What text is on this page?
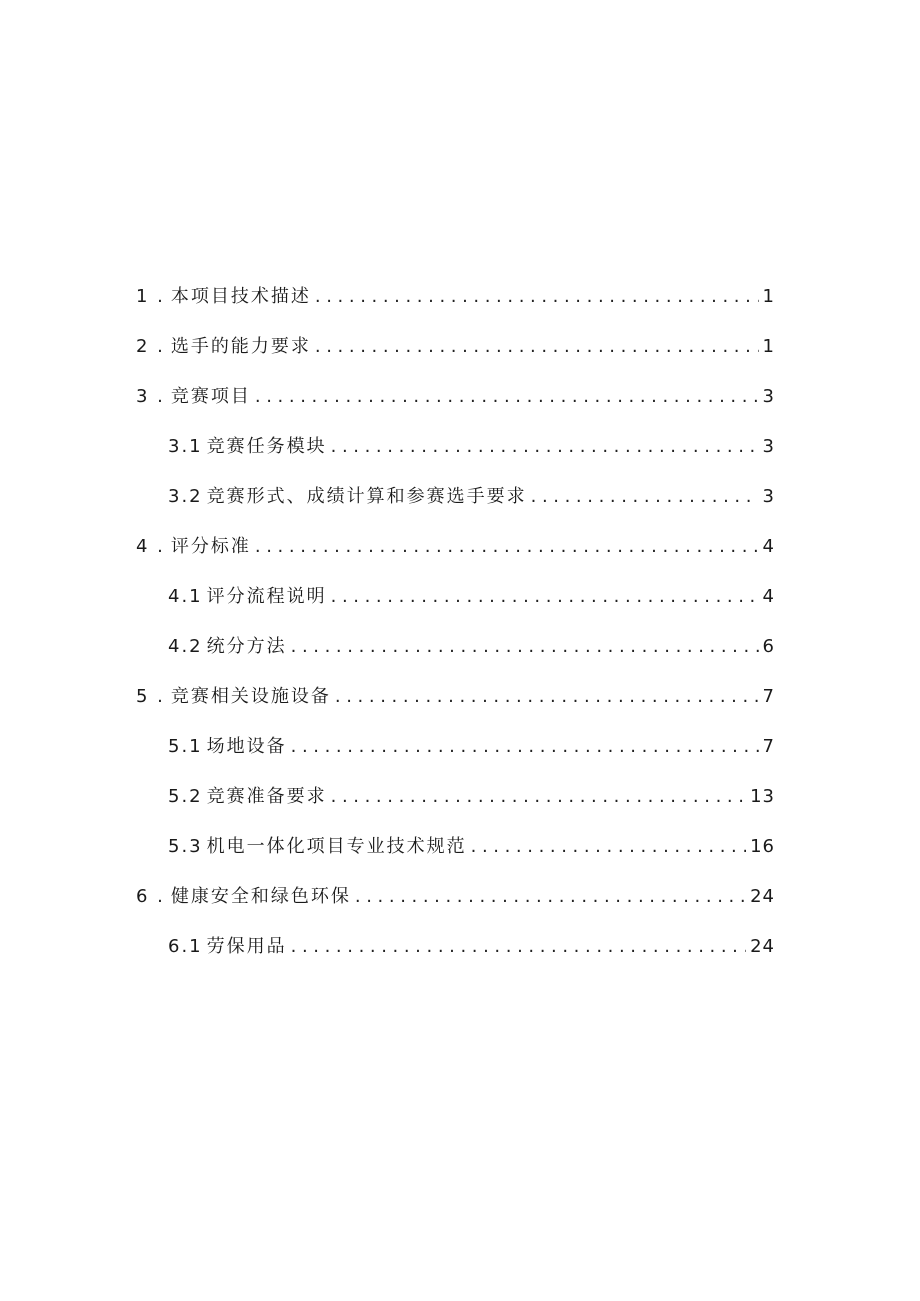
1 . 本项目技术描述 .....	1
2 . 选手的能力要求 .....	1
3 . 竞赛项目 .....	3
3.1 竞赛任务模块 .....	3
3.2 竞赛形式、成绩计算和参赛选手要求 .....	3
4 . 评分标准 .....	4
4.1 评分流程说明 .....	4
4.2 统分方法 .....	6
5 . 竞赛相关设施设备 .....	7
5.1 场地设备 .....	7
5.2 竞赛准备要求 .....	13
5.3 机电一体化项目专业技术规范 .....	16
6 . 健康安全和绿色环保 .....	24
6.1 劳保用品 .....	24
